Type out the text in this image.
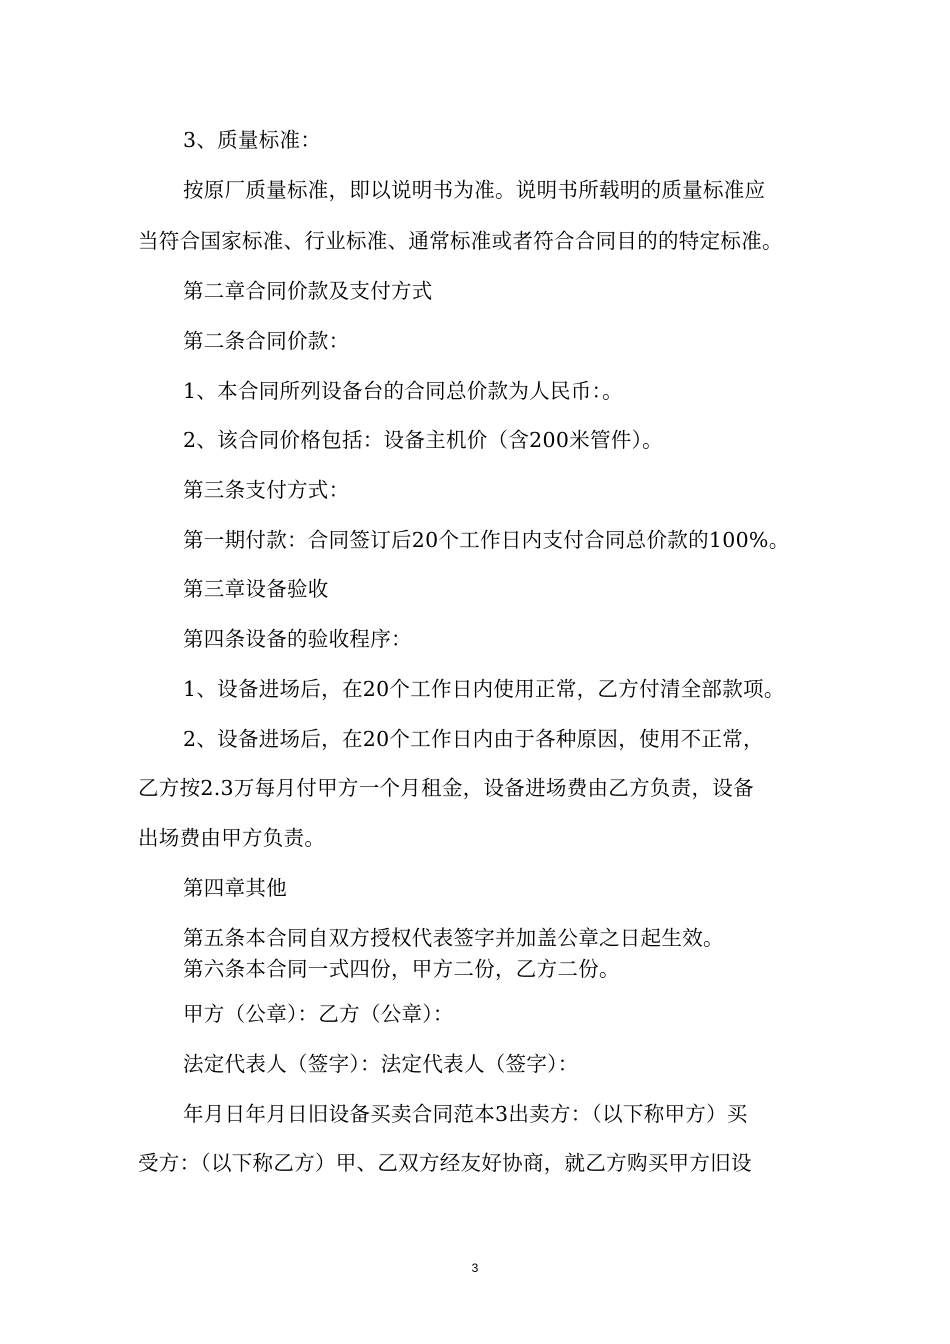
3、质量标准：
按原厂质量标准，即以说明书为准。说明书所载明的质量标准应
当符合国家标准、行业标准、通常标准或者符合合同目的的特定标准。
第二章合同价款及支付方式
第二条合同价款：
1、本合同所列设备台的合同总价款为人民币：。
2、该合同价格包括：设备主机价（含200米管件）。
第三条支付方式：
第一期付款：合同签订后20个工作日内支付合同总价款的100%。
第三章设备验收
第四条设备的验收程序：
1、设备进场后，在20个工作日内使用正常，乙方付清全部款项。
2、设备进场后，在20个工作日内由于各种原因，使用不正常，
乙方按2.3万每月付甲方一个月租金，设备进场费由乙方负责，设备
出场费由甲方负责。
第四章其他
第五条本合同自双方授权代表签字并加盖公章之日起生效。
第六条本合同一式四份，甲方二份，乙方二份。
甲方（公章）：乙方（公章）：
法定代表人（签字）：法定代表人（签字）：
年月日年月日旧设备买卖合同范本3出卖方：（以下称甲方）买
受方：（以下称乙方）甲、乙双方经友好协商，就乙方购买甲方旧设
3
